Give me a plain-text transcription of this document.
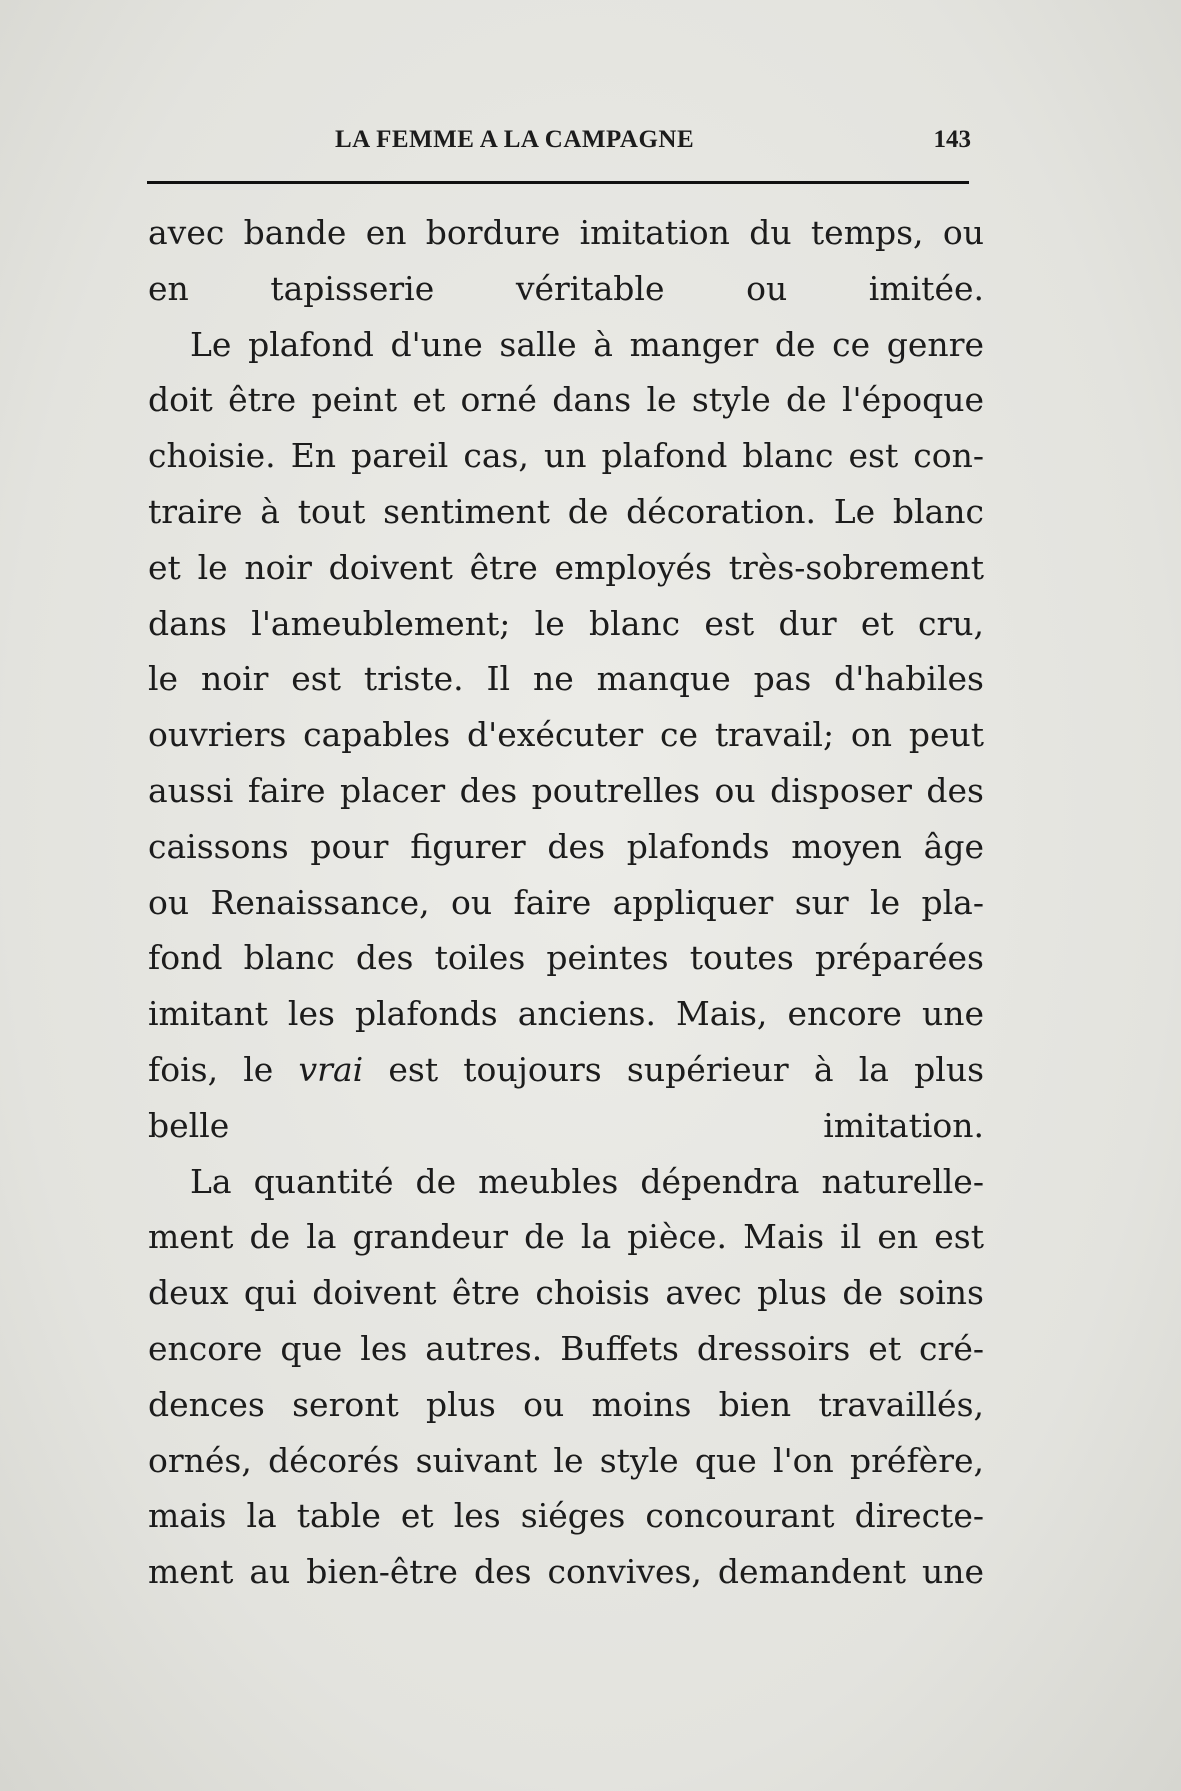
LA FEMME A LA CAMPAGNE	143
avec bande en bordure imitation du temps, ou
en tapisserie véritable ou imitée.
Le plafond d'une salle à manger de ce genre
doit être peint et orné dans le style de l'époque
choisie. En pareil cas, un plafond blanc est con-
traire à tout sentiment de décoration. Le blanc
et le noir doivent être employés très-sobrement
dans l'ameublement; le blanc est dur et cru,
le noir est triste. Il ne manque pas d'habiles
ouvriers capables d'exécuter ce travail; on peut
aussi faire placer des poutrelles ou disposer des
caissons pour figurer des plafonds moyen âge
ou Renaissance, ou faire appliquer sur le pla-
fond blanc des toiles peintes toutes préparées
imitant les plafonds anciens. Mais, encore une
fois, le vrai est toujours supérieur à la plus
belle imitation.
La quantité de meubles dépendra naturelle-
ment de la grandeur de la pièce. Mais il en est
deux qui doivent être choisis avec plus de soins
encore que les autres. Buffets dressoirs et cré-
dences seront plus ou moins bien travaillés,
ornés, décorés suivant le style que l'on préfère,
mais la table et les siéges concourant directe-
ment au bien-être des convives, demandent une
